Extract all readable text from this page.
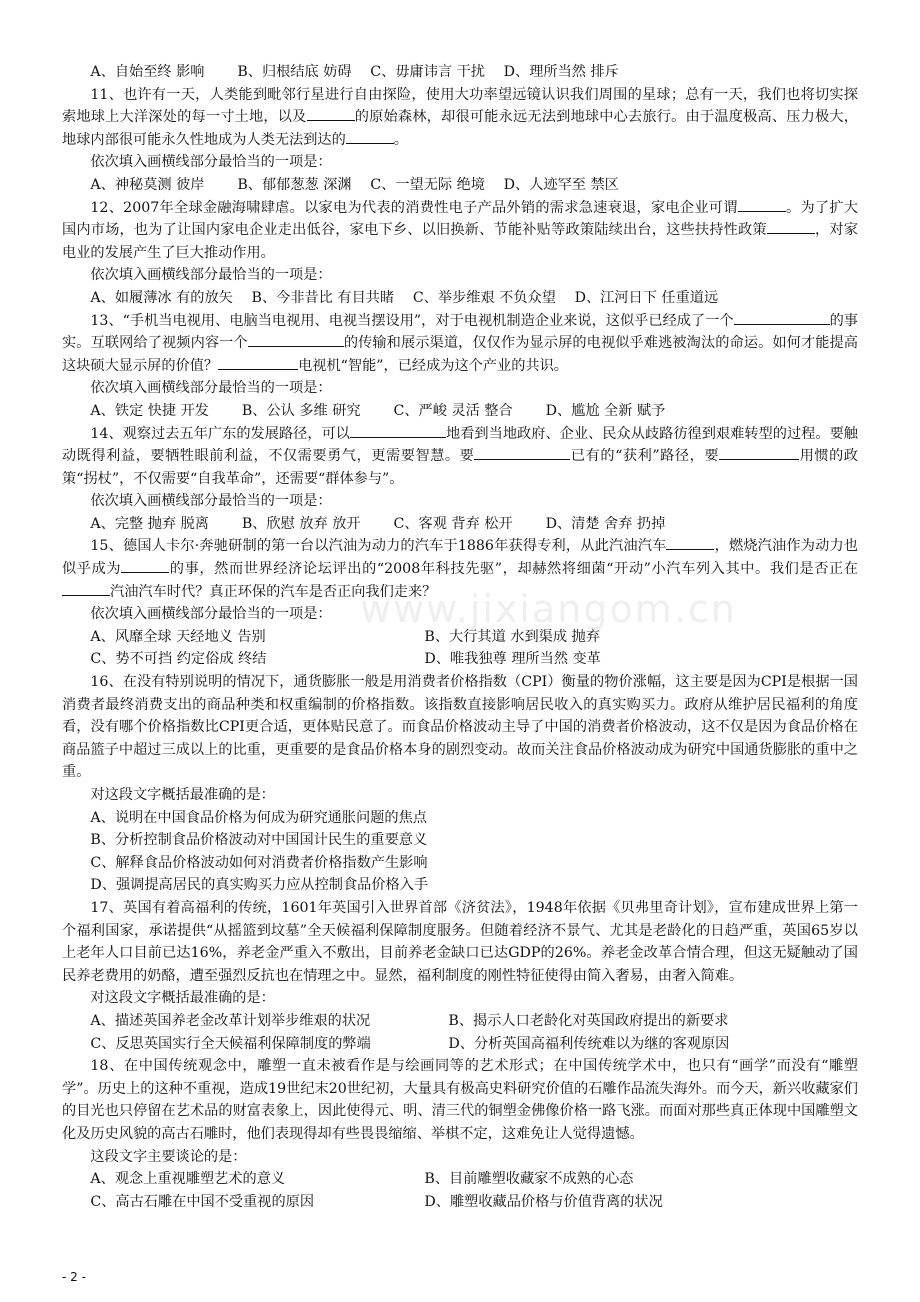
A、自始至终 影响　　 B、归根结底 妨碍　 C、毋庸讳言 干扰　 D、理所当然 排斥

11、也许有一天，人类能到毗邻行星进行自由探险，使用大功率望远镜认识我们周围的星球；总有一天，我们也将切实探索地球上大洋深处的每一寸土地，以及	的原始森林，却很可能永远无法到地球中心去旅行。由于温度极高、压力极大，地球内部很可能永久性地成为人类无法到达的	。

依次填入画横线部分最恰当的一项是：

A、神秘莫测 彼岸　　 B、郁郁葱葱 深渊　 C、一望无际 绝境　 D、人迹罕至 禁区

12、2007年全球金融海啸肆虐。以家电为代表的消费性电子产品外销的需求急速衰退，家电企业可谓	。为了扩大国内市场，也为了让国内家电企业走出低谷，家电下乡、以旧换新、节能补贴等政策陆续出台，这些扶持性政策	，对家电业的发展产生了巨大推动作用。

依次填入画横线部分最恰当的一项是：

A、如履薄冰 有的放矢　 B、今非昔比 有目共睹　 C、举步维艰 不负众望　 D、江河日下 任重道远

13、“手机当电视用、电脑当电视用、电视当摆设用”，对于电视机制造企业来说，这似乎已经成了一个	的事实。互联网给了视频内容一个	的传输和展示渠道，仅仅作为显示屏的电视似乎难逃被淘汰的命运。如何才能提高这块硕大显示屏的价值？	电视机“智能”，已经成为这个产业的共识。

依次填入画横线部分最恰当的一项是：

A、铁定 快捷 开发　　 B、公认 多维 研究　　 C、严峻 灵活 整合　　 D、尴尬 全新 赋予

14、观察过去五年广东的发展路径，可以	地看到当地政府、企业、民众从歧路彷徨到艰难转型的过程。要触动既得利益，要牺牲眼前利益，不仅需要勇气，更需要智慧。要	已有的“获利”路径，要	用惯的政策“拐杖”，不仅需要“自我革命”，还需要“群体参与”。

依次填入画横线部分最恰当的一项是：

A、完整 抛弃 脱离　　 B、欣慰 放弃 放开　　 C、客观 背弃 松开　　 D、清楚 舍弃 扔掉

15、德国人卡尔·奔驰研制的第一台以汽油为动力的汽车于1886年获得专利，从此汽油汽车	，燃烧汽油作为动力也似乎成为	的事，然而世界经济论坛评出的“2008年科技先驱”，却赫然将细菌“开动”小汽车列入其中。我们是否正在汽油汽车时代？真正环保的汽车是否正向我们走来？

依次填入画横线部分最恰当的一项是：

A、风靡全球 天经地义 告别	B、大行其道 水到渠成 抛弃
C、势不可挡 约定俗成 终结	D、唯我独尊 理所当然 变革

16、在没有特别说明的情况下，通货膨胀一般是用消费者价格指数（CPI）衡量的物价涨幅，这主要是因为CPI是根据一国消费者最终消费支出的商品种类和权重编制的价格指数。该指数直接影响居民收入的真实购买力。政府从维护居民福利的角度看，没有哪个价格指数比CPI更合适，更体贴民意了。而食品价格波动主导了中国的消费者价格波动，这不仅是因为食品价格在商品篮子中超过三成以上的比重，更重要的是食品价格本身的剧烈变动。故而关注食品价格波动成为研究中国通货膨胀的重中之重。

对这段文字概括最准确的是：

A、说明在中国食品价格为何成为研究通胀问题的焦点

B、分析控制食品价格波动对中国国计民生的重要意义

C、解释食品价格波动如何对消费者价格指数产生影响

D、强调提高居民的真实购买力应从控制食品价格入手

17、英国有着高福利的传统，1601年英国引入世界首部《济贫法》，1948年依据《贝弗里奇计划》，宣布建成世界上第一个福利国家，承诺提供“从摇篮到坟墓”全天候福利保障制度服务。但随着经济不景气、尤其是老龄化的日趋严重，英国65岁以上老年人口目前已达16%，养老金严重入不敷出，目前养老金缺口已达GDP的26%。养老金改革合情合理，但这无疑触动了国民养老费用的奶酪，遭至强烈反抗也在情理之中。显然，福利制度的刚性特征使得由简入奢易，由奢入简难。

对这段文字概括最准确的是：

A、描述英国养老金改革计划举步维艰的状况	B、揭示人口老龄化对英国政府提出的新要求
C、反思英国实行全天候福利保障制度的弊端	D、分析英国高福利传统难以为继的客观原因

18、在中国传统观念中，雕塑一直未被看作是与绘画同等的艺术形式；在中国传统学术中，也只有“画学”而没有“雕塑学”。历史上的这种不重视，造成19世纪末20世纪初，大量具有极高史料研究价值的石雕作品流失海外。而今天，新兴收藏家们的目光也只停留在艺术品的财富表象上，因此使得元、明、清三代的铜塑金佛像价格一路飞涨。而面对那些真正体现中国雕塑文化及历史风貌的高古石雕时，他们表现得却有些畏畏缩缩、举棋不定，这难免让人觉得遗憾。

这段文字主要谈论的是：

A、观念上重视雕塑艺术的意义	B、目前雕塑收藏家不成熟的心态
C、高古石雕在中国不受重视的原因	D、雕塑收藏品价格与价值背离的状况
www.jixiangom.cn
- 2 -
